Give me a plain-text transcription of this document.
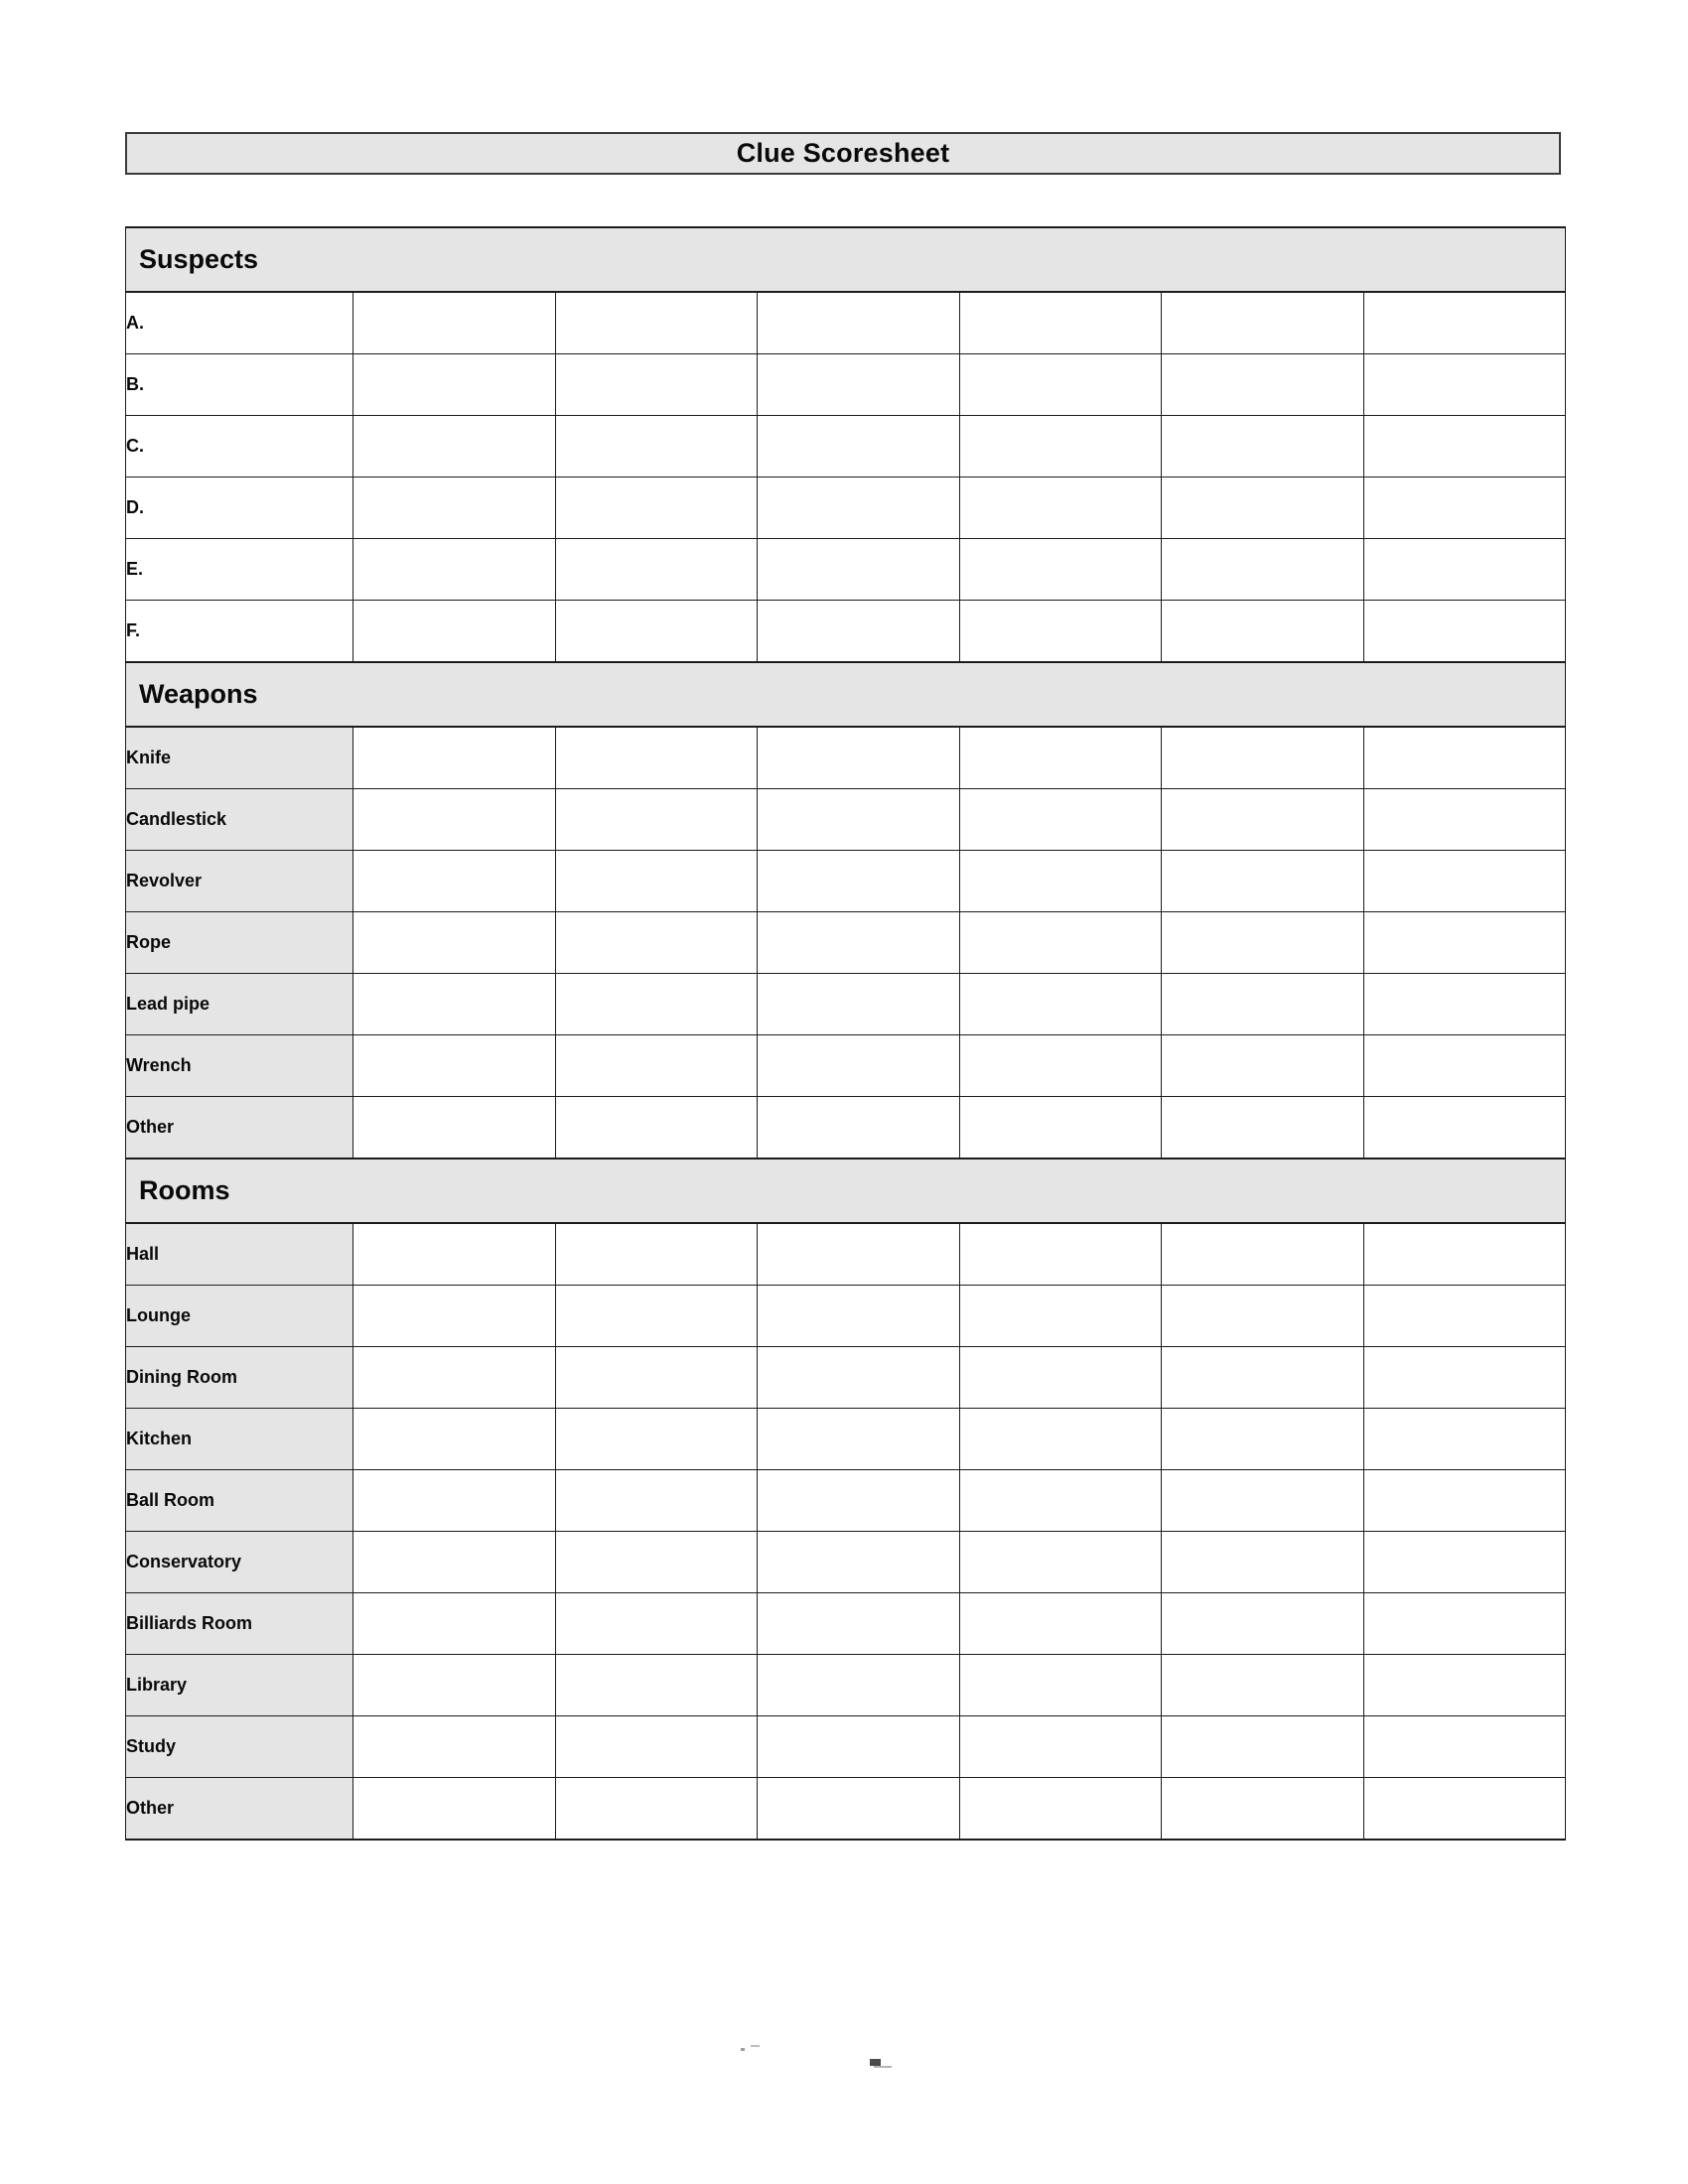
Clue Scoresheet
Suspects						
A.						
B.						
C.						
D.						
E.						
F.						
Weapons						
Knife						
Candlestick						
Revolver						
Rope						
Lead pipe						
Wrench						
Other						
Rooms						
Hall						
Lounge						
Dining Room						
Kitchen						
Ball Room						
Conservatory						
Billiards Room						
Library						
Study						
Other						
